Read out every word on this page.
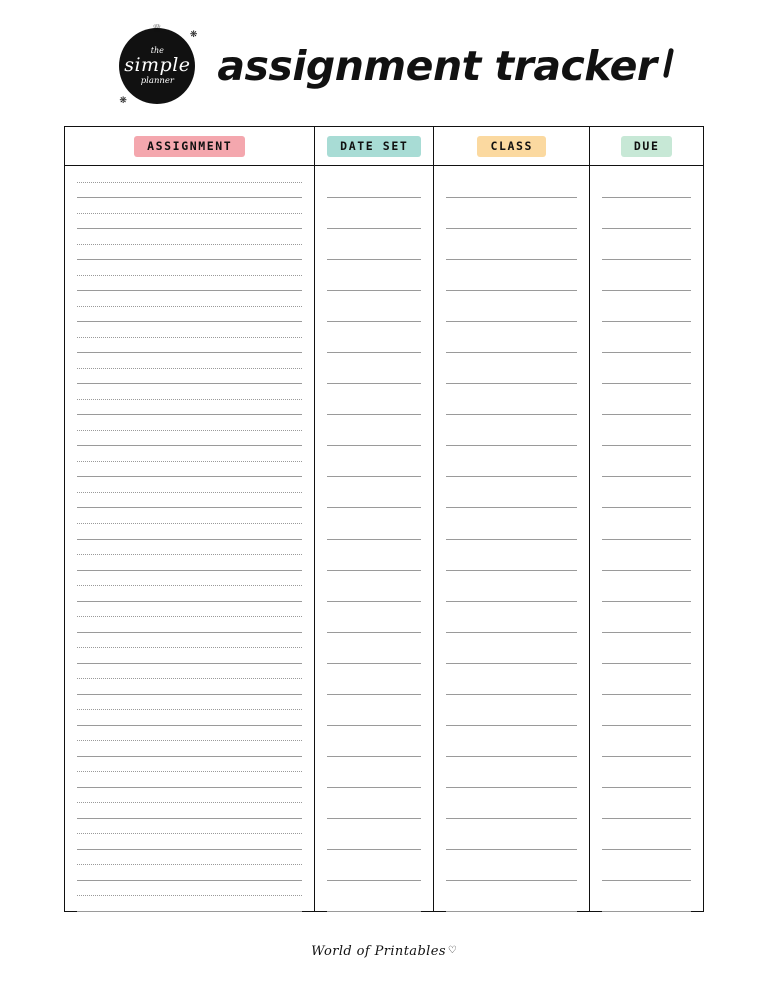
♕	❋
❋
the
simple
planner assignment tracker
ASSIGNMENT	DATE SET	CLASS	DUE
World of Printables ♡
